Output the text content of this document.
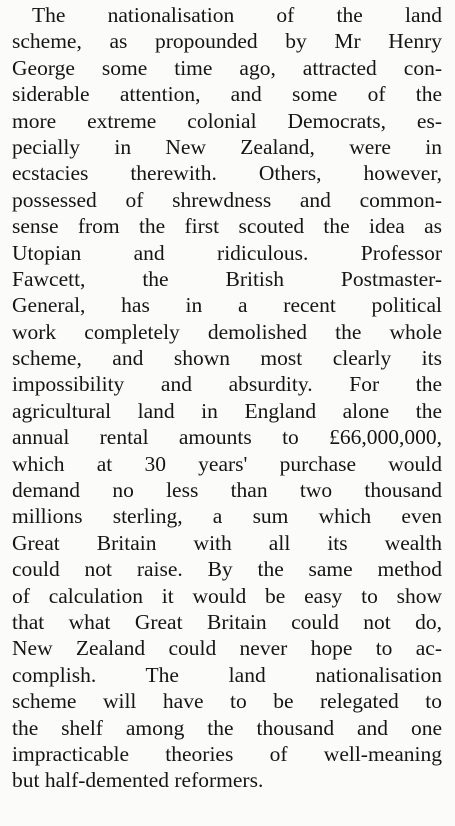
The nationalisation of the land
scheme, as propounded by Mr Henry
George some time ago, attracted con-
siderable attention, and some of the
more extreme colonial Democrats, es-
pecially in New Zealand, were in
ecstacies therewith. Others, however,
possessed of shrewdness and common-
sense from the first scouted the idea as
Utopian and ridiculous. Professor
Fawcett, the British Postmaster-
General, has in a recent political
work completely demolished the whole
scheme, and shown most clearly its
impossibility and absurdity. For the
agricultural land in England alone the
annual rental amounts to £66,000,000,
which at 30 years' purchase would
demand no less than two thousand
millions sterling, a sum which even
Great Britain with all its wealth
could not raise. By the same method
of calculation it would be easy to show
that what Great Britain could not do,
New Zealand could never hope to ac-
complish. The land nationalisation
scheme will have to be relegated to
the shelf among the thousand and one
impracticable theories of well-meaning
but half-demented reformers.
